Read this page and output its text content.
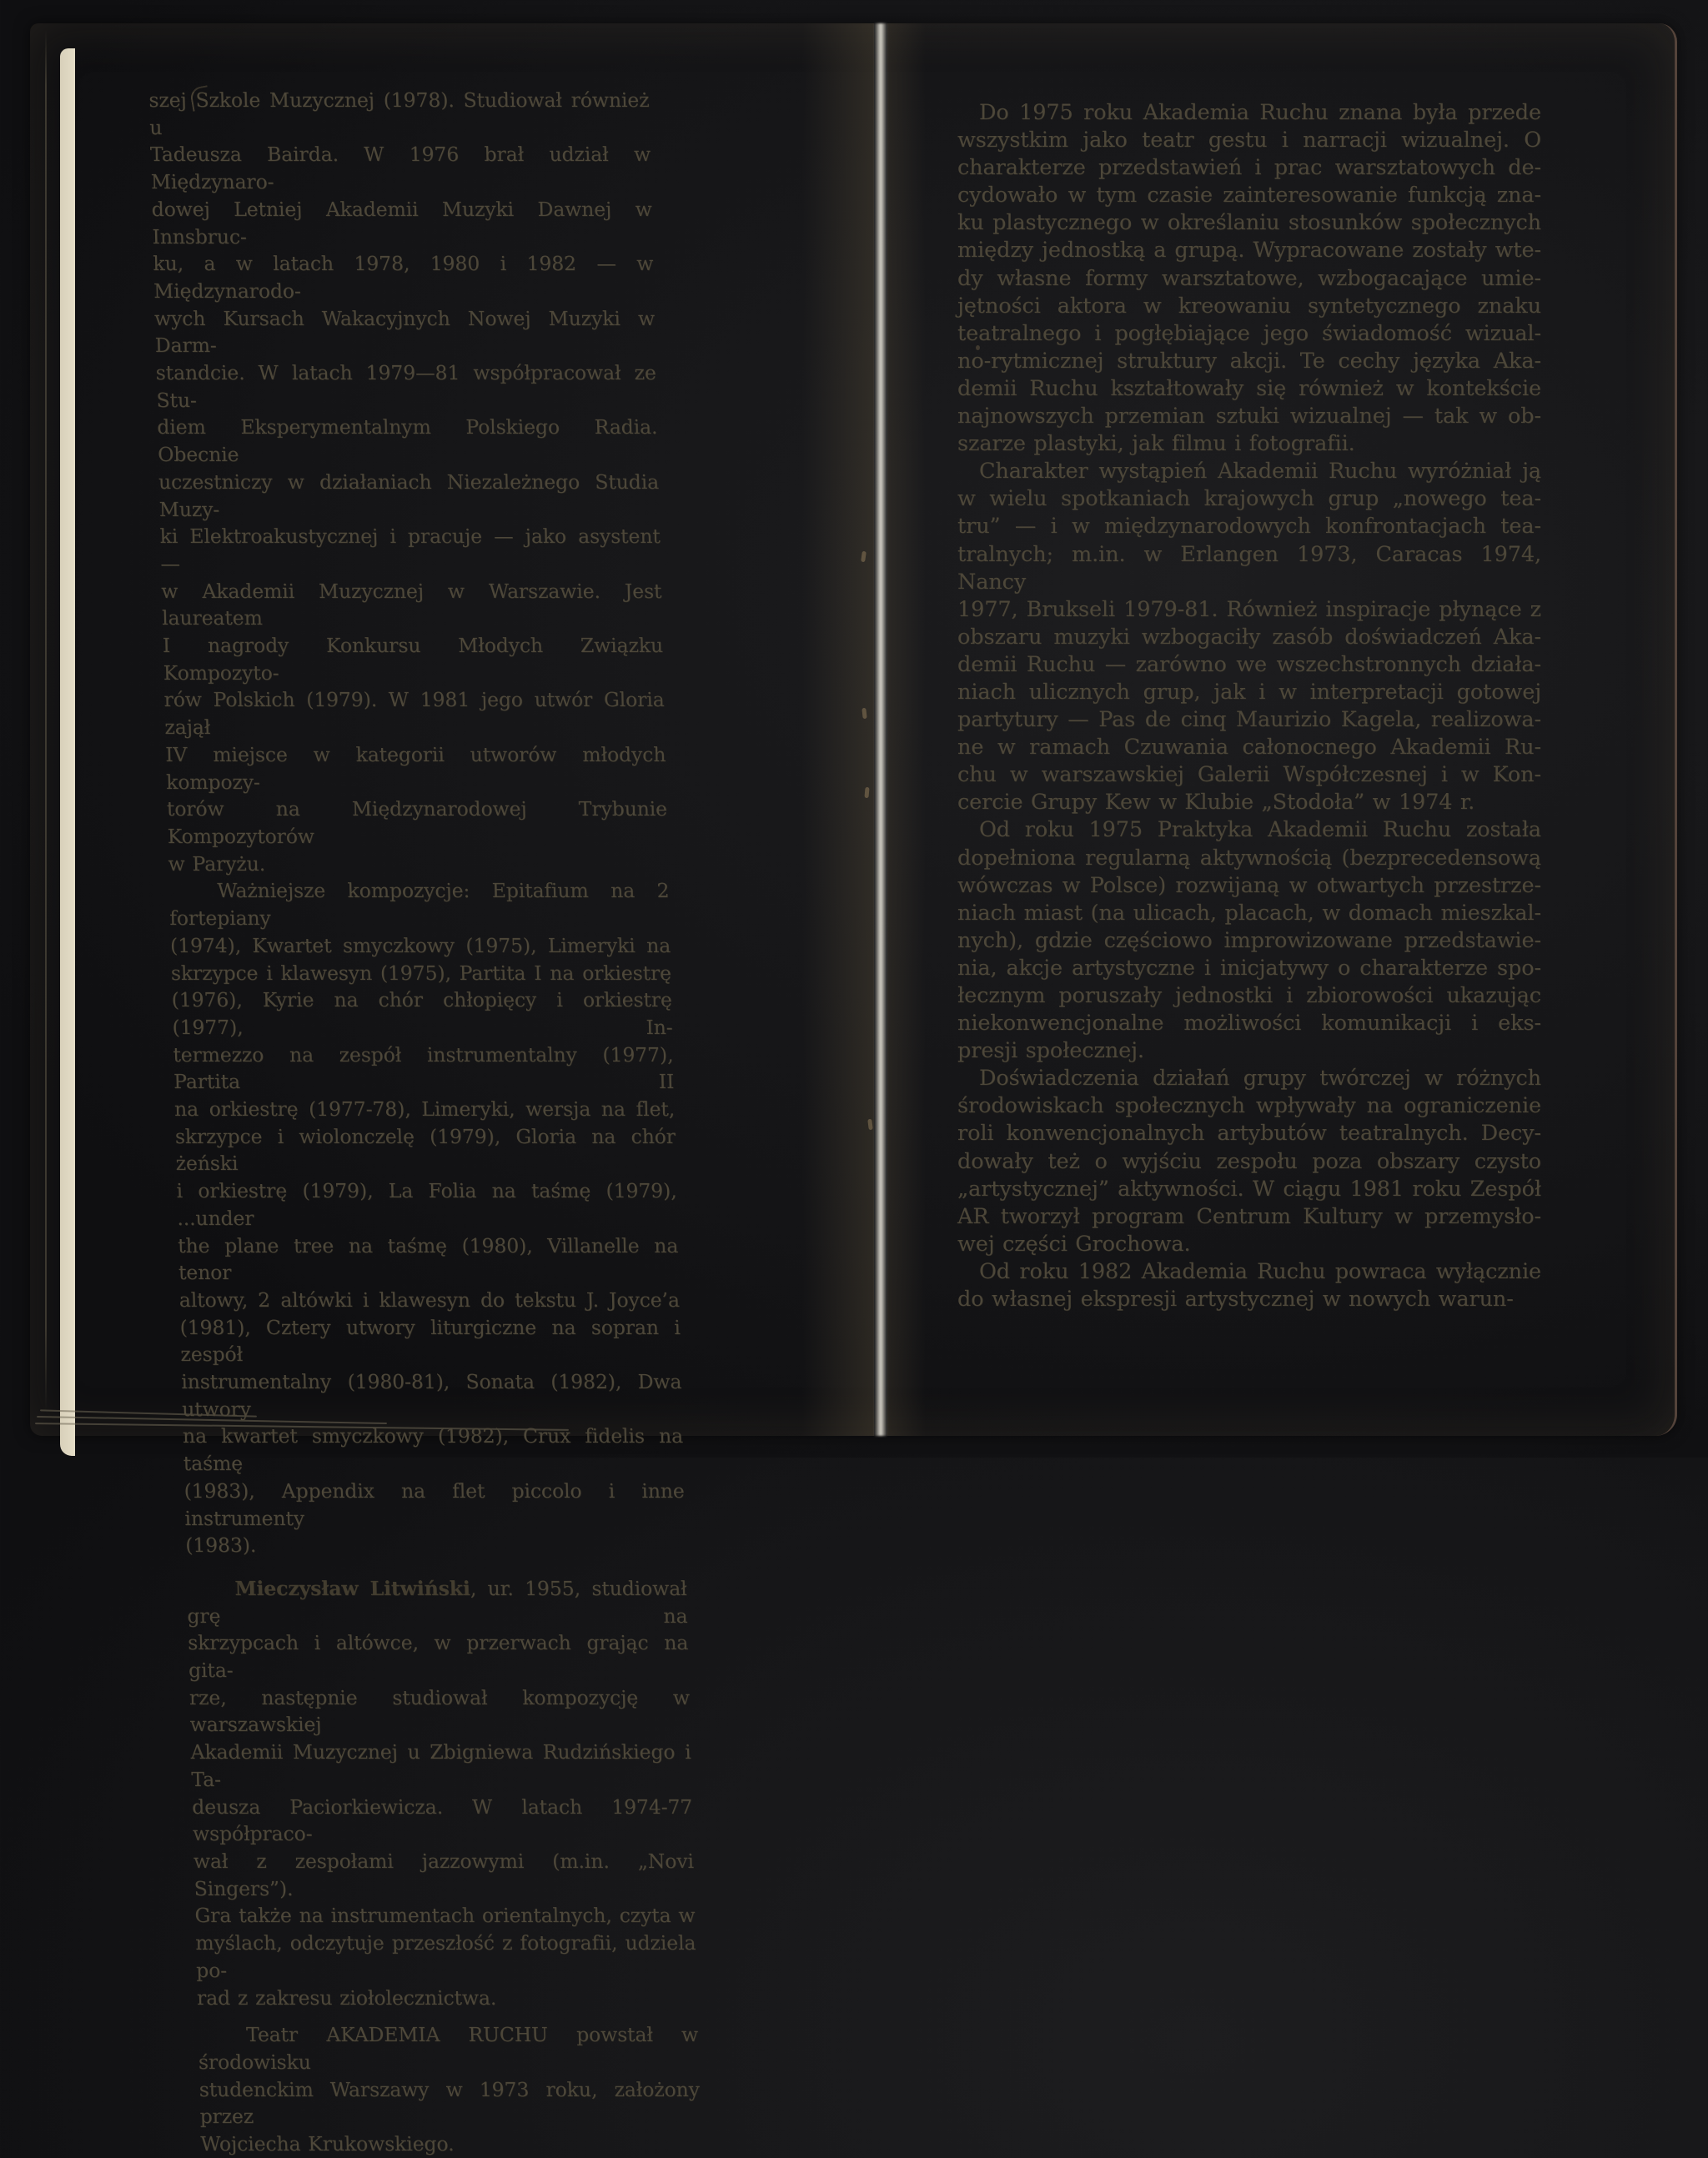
szej Szkole Muzycznej (1978). Studiował również u
Tadeusza Bairda. W 1976 brał udział w Międzynaro-
dowej Letniej Akademii Muzyki Dawnej w Innsbruc-
ku, a w latach 1978, 1980 i 1982 — w Międzynarodo-
wych Kursach Wakacyjnych Nowej Muzyki w Darm-
standcie. W latach 1979—81 współpracował ze Stu-
diem Eksperymentalnym Polskiego Radia. Obecnie
uczestniczy w działaniach Niezależnego Studia Muzy-
ki Elektroakustycznej i pracuje — jako asystent —
w Akademii Muzycznej w Warszawie. Jest laureatem
I nagrody Konkursu Młodych Związku Kompozyto-
rów Polskich (1979). W 1981 jego utwór Gloria zajął
IV miejsce w kategorii utworów młodych kompozy-
torów na Międzynarodowej Trybunie Kompozytorów
w Paryżu.
Ważniejsze kompozycje: Epitafium na 2 fortepiany
(1974), Kwartet smyczkowy (1975), Limeryki na
skrzypce i klawesyn (1975), Partita I na orkiestrę
(1976), Kyrie na chór chłopięcy i orkiestrę (1977), In-
termezzo na zespół instrumentalny (1977), Partita II
na orkiestrę (1977-78), Limeryki, wersja na flet,
skrzypce i wiolonczelę (1979), Gloria na chór żeński
i orkiestrę (1979), La Folia na taśmę (1979), ...under
the plane tree na taśmę (1980), Villanelle na tenor
altowy, 2 altówki i klawesyn do tekstu J. Joyce’a
(1981), Cztery utwory liturgiczne na sopran i zespół
instrumentalny (1980-81), Sonata (1982), Dwa utwory
na kwartet smyczkowy (1982), Crux fidelis na taśmę
(1983), Appendix na flet piccolo i inne instrumenty
(1983).
Mieczysław Litwiński, ur. 1955, studiował grę na
skrzypcach i altówce, w przerwach grając na gita-
rze, następnie studiował kompozycję w warszawskiej
Akademii Muzycznej u Zbigniewa Rudzińskiego i Ta-
deusza Paciorkiewicza. W latach 1974-77 współpraco-
wał z zespołami jazzowymi (m.in. „Novi Singers”).
Gra także na instrumentach orientalnych, czyta w
myślach, odczytuje przeszłość z fotografii, udziela po-
rad z zakresu ziołolecznictwa.
Teatr AKADEMIA RUCHU powstał w środowisku
studenckim Warszawy w 1973 roku, założony przez
Wojciecha Krukowskiego.
Do 1975 roku Akademia Ruchu znana była przede
wszystkim jako teatr gestu i narracji wizualnej. O
charakterze przedstawień i prac warsztatowych de-
cydowało w tym czasie zainteresowanie funkcją zna-
ku plastycznego w określaniu stosunków społecznych
między jednostką a grupą. Wypracowane zostały wte-
dy własne formy warsztatowe, wzbogacające umie-
jętności aktora w kreowaniu syntetycznego znaku
teatralnego i pogłębiające jego świadomość wizual-
no-rytmicznej struktury akcji. Te cechy języka Aka-
demii Ruchu kształtowały się również w kontekście
najnowszych przemian sztuki wizualnej — tak w ob-
szarze plastyki, jak filmu i fotografii.
Charakter wystąpień Akademii Ruchu wyróżniał ją
w wielu spotkaniach krajowych grup „nowego tea-
tru” — i w międzynarodowych konfrontacjach tea-
tralnych; m.in. w Erlangen 1973, Caracas 1974, Nancy
1977, Brukseli 1979-81. Również inspiracje płynące z
obszaru muzyki wzbogaciły zasób doświadczeń Aka-
demii Ruchu — zarówno we wszechstronnych działa-
niach ulicznych grup, jak i w interpretacji gotowej
partytury — Pas de cinq Maurizio Kagela, realizowa-
ne w ramach Czuwania całonocnego Akademii Ru-
chu w warszawskiej Galerii Współczesnej i w Kon-
cercie Grupy Kew w Klubie „Stodoła” w 1974 r.
Od roku 1975 Praktyka Akademii Ruchu została
dopełniona regularną aktywnością (bezprecedensową
wówczas w Polsce) rozwijaną w otwartych przestrze-
niach miast (na ulicach, placach, w domach mieszkal-
nych), gdzie częściowo improwizowane przedstawie-
nia, akcje artystyczne i inicjatywy o charakterze spo-
łecznym poruszały jednostki i zbiorowości ukazując
niekonwencjonalne możliwości komunikacji i eks-
presji społecznej.
Doświadczenia działań grupy twórczej w różnych
środowiskach społecznych wpływały na ograniczenie
roli konwencjonalnych artybutów teatralnych. Decy-
dowały też o wyjściu zespołu poza obszary czysto
„artystycznej” aktywności. W ciągu 1981 roku Zespół
AR tworzył program Centrum Kultury w przemysło-
wej części Grochowa.
Od roku 1982 Akademia Ruchu powraca wyłącznie
do własnej ekspresji artystycznej w nowych warun-
